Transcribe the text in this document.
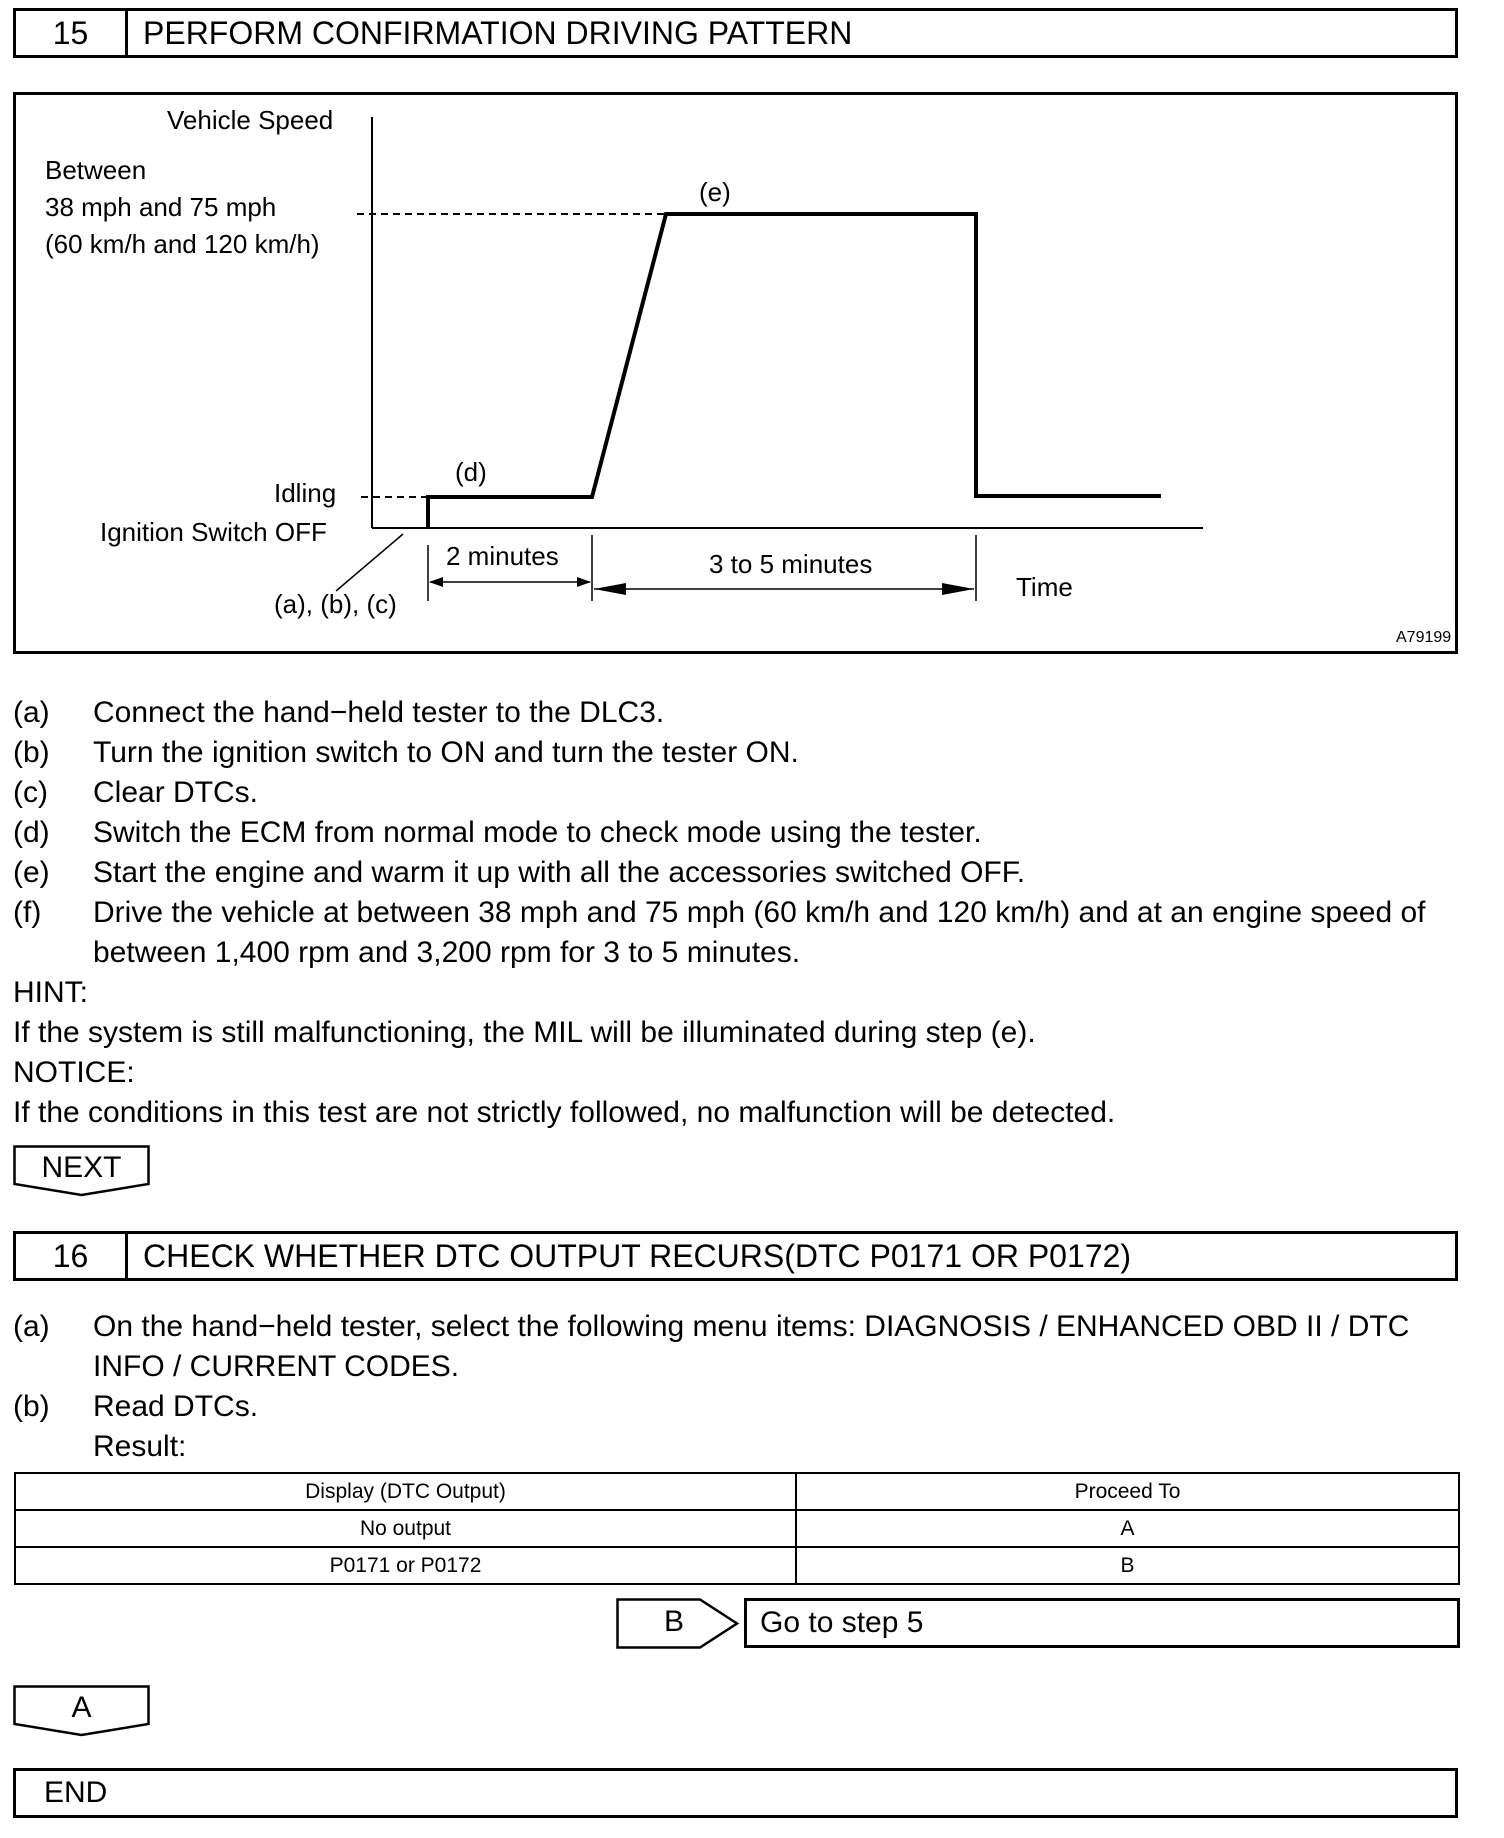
15	PERFORM CONFIRMATION DRIVING PATTERN
Vehicle Speed
Between
38 mph and 75 mph
(60 km/h and 120 km/h)
(e)
(d)
Idling
Ignition Switch OFF
2 minutes	3 to 5 minutes
Time
(a), (b), (c)
A79199
(a) Connect the hand−held tester to the DLC3.
(b) Turn the ignition switch to ON and turn the tester ON.
(c) Clear DTCs.
(d) Switch the ECM from normal mode to check mode using the tester.
(e) Start the engine and warm it up with all the accessories switched OFF.
(f) Drive the vehicle at between 38 mph and 75 mph (60 km/h and 120 km/h) and at an engine speed of between 1,400 rpm and 3,200 rpm for 3 to 5 minutes.
HINT:
If the system is still malfunctioning, the MIL will be illuminated during step (e).
NOTICE:
If the conditions in this test are not strictly followed, no malfunction will be detected.
NEXT
16	CHECK WHETHER DTC OUTPUT RECURS(DTC P0171 OR P0172)
(a) On the hand−held tester, select the following menu items: DIAGNOSIS / ENHANCED OBD II / DTC INFO / CURRENT CODES.
(b) Read DTCs.
Result:
Display (DTC Output)	Proceed To
No output	A
P0171 or P0172	B
B	Go to step 5
A
END
